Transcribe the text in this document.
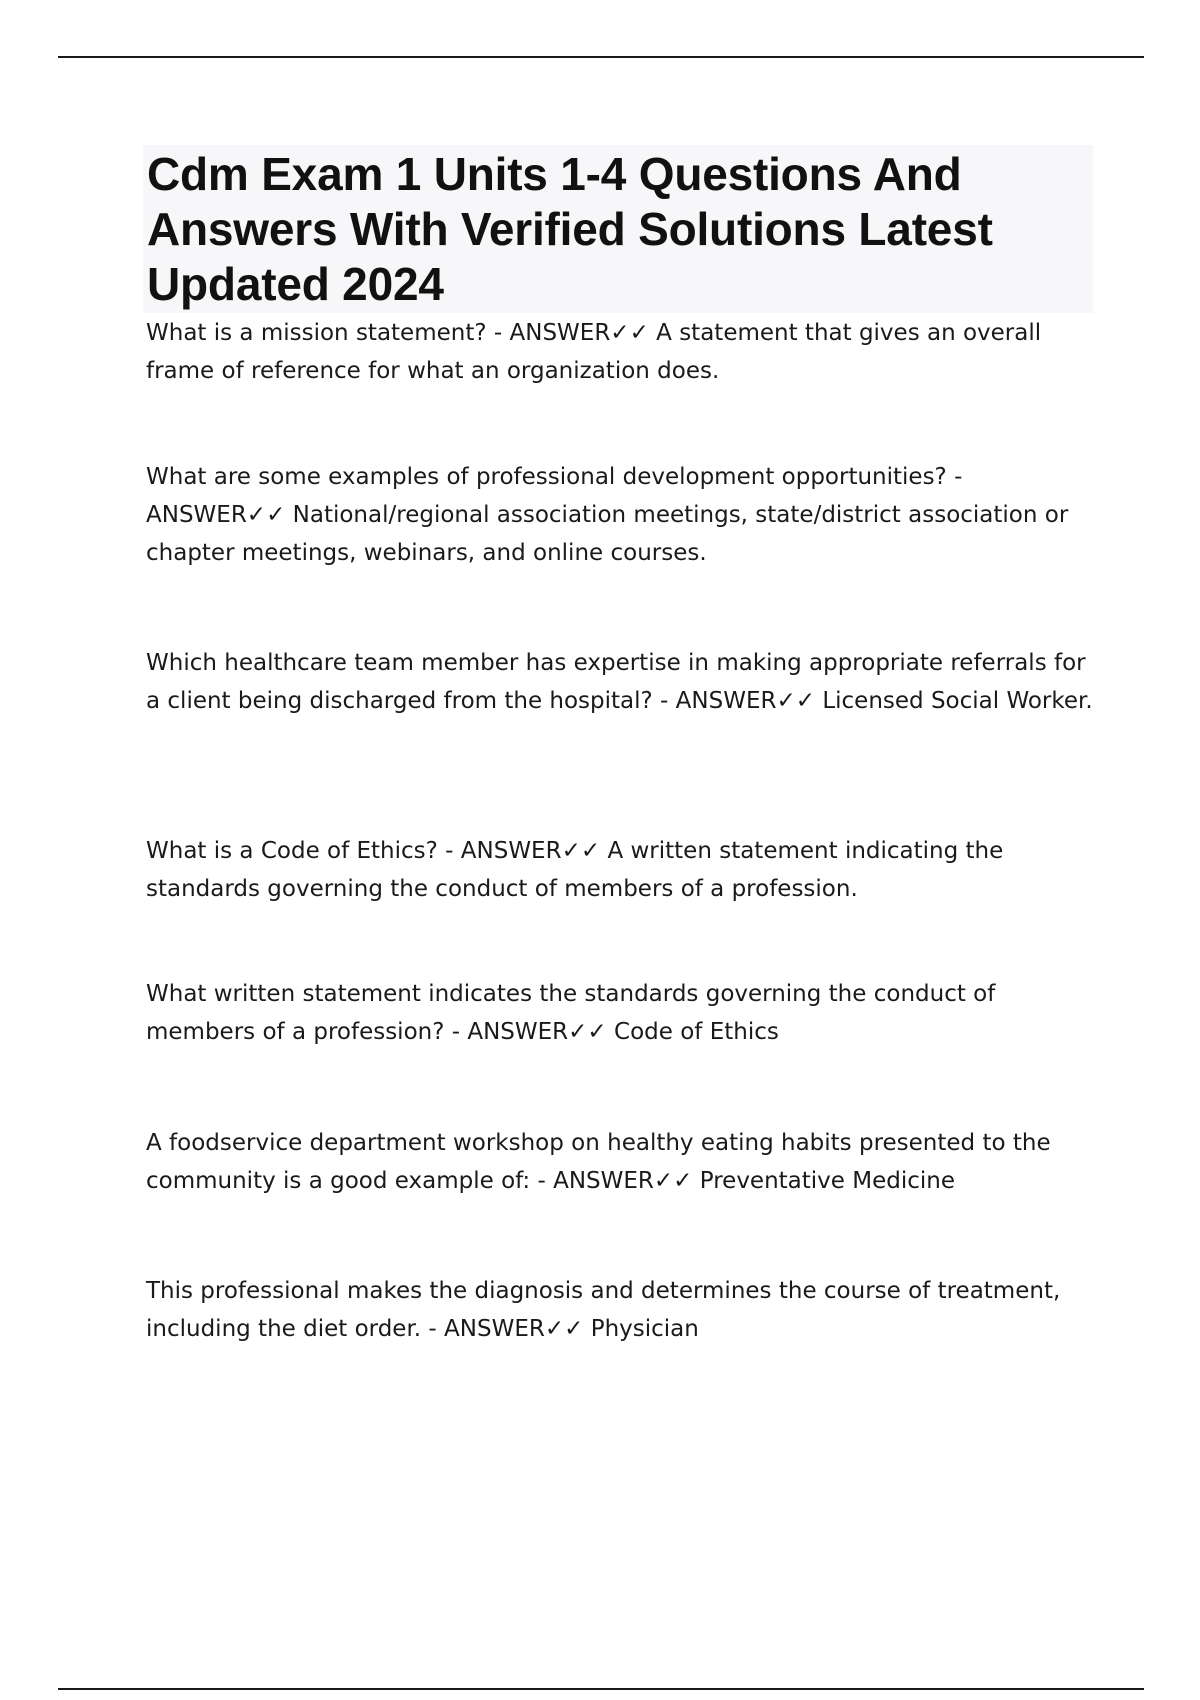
Cdm Exam 1 Units 1-4 Questions And Answers With Verified Solutions Latest Updated 2024

What is a mission statement? - ANSWER✓✓ A statement that gives an overall frame of reference for what an organization does.

What are some examples of professional development opportunities? - ANSWER✓✓ National/regional association meetings, state/district association or chapter meetings, webinars, and online courses.

Which healthcare team member has expertise in making appropriate referrals for a client being discharged from the hospital? - ANSWER✓✓ Licensed Social Worker.

What is a Code of Ethics? - ANSWER✓✓ A written statement indicating the standards governing the conduct of members of a profession.

What written statement indicates the standards governing the conduct of members of a profession? - ANSWER✓✓ Code of Ethics

A foodservice department workshop on healthy eating habits presented to the community is a good example of: - ANSWER✓✓ Preventative Medicine

This professional makes the diagnosis and determines the course of treatment, including the diet order. - ANSWER✓✓ Physician
